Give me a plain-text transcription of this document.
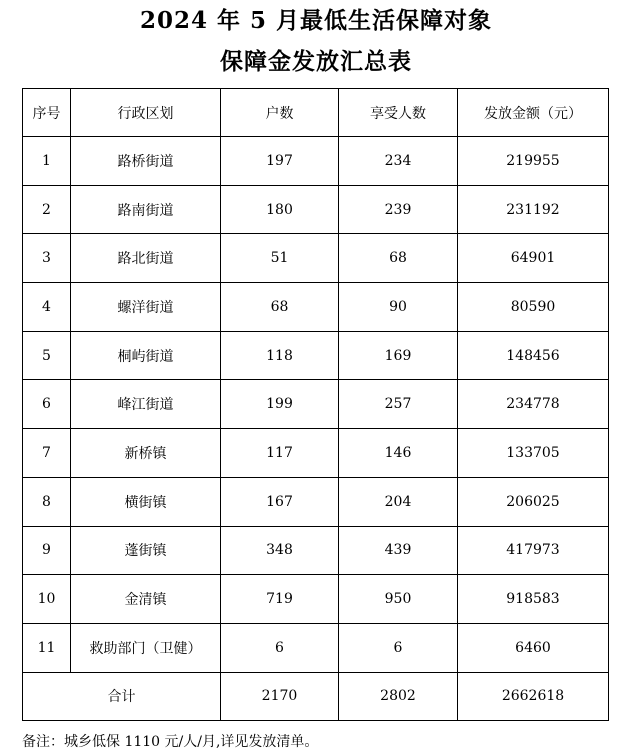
2024 年 5 月最低生活保障对象
保障金发放汇总表
序号	行政区划	户数	享受人数	发放金额（元）
1	路桥街道	197	234	219955
2	路南街道	180	239	231192
3	路北街道	51	68	64901
4	螺洋街道	68	90	80590
5	桐屿街道	118	169	148456
6	峰江街道	199	257	234778
7	新桥镇	117	146	133705
8	横街镇	167	204	206025
9	蓬街镇	348	439	417973
10	金清镇	719	950	918583
11	救助部门（卫健）	6	6	6460
合计		2170	2802	2662618
备注：城乡低保 1110 元/人/月,详见发放清单。
